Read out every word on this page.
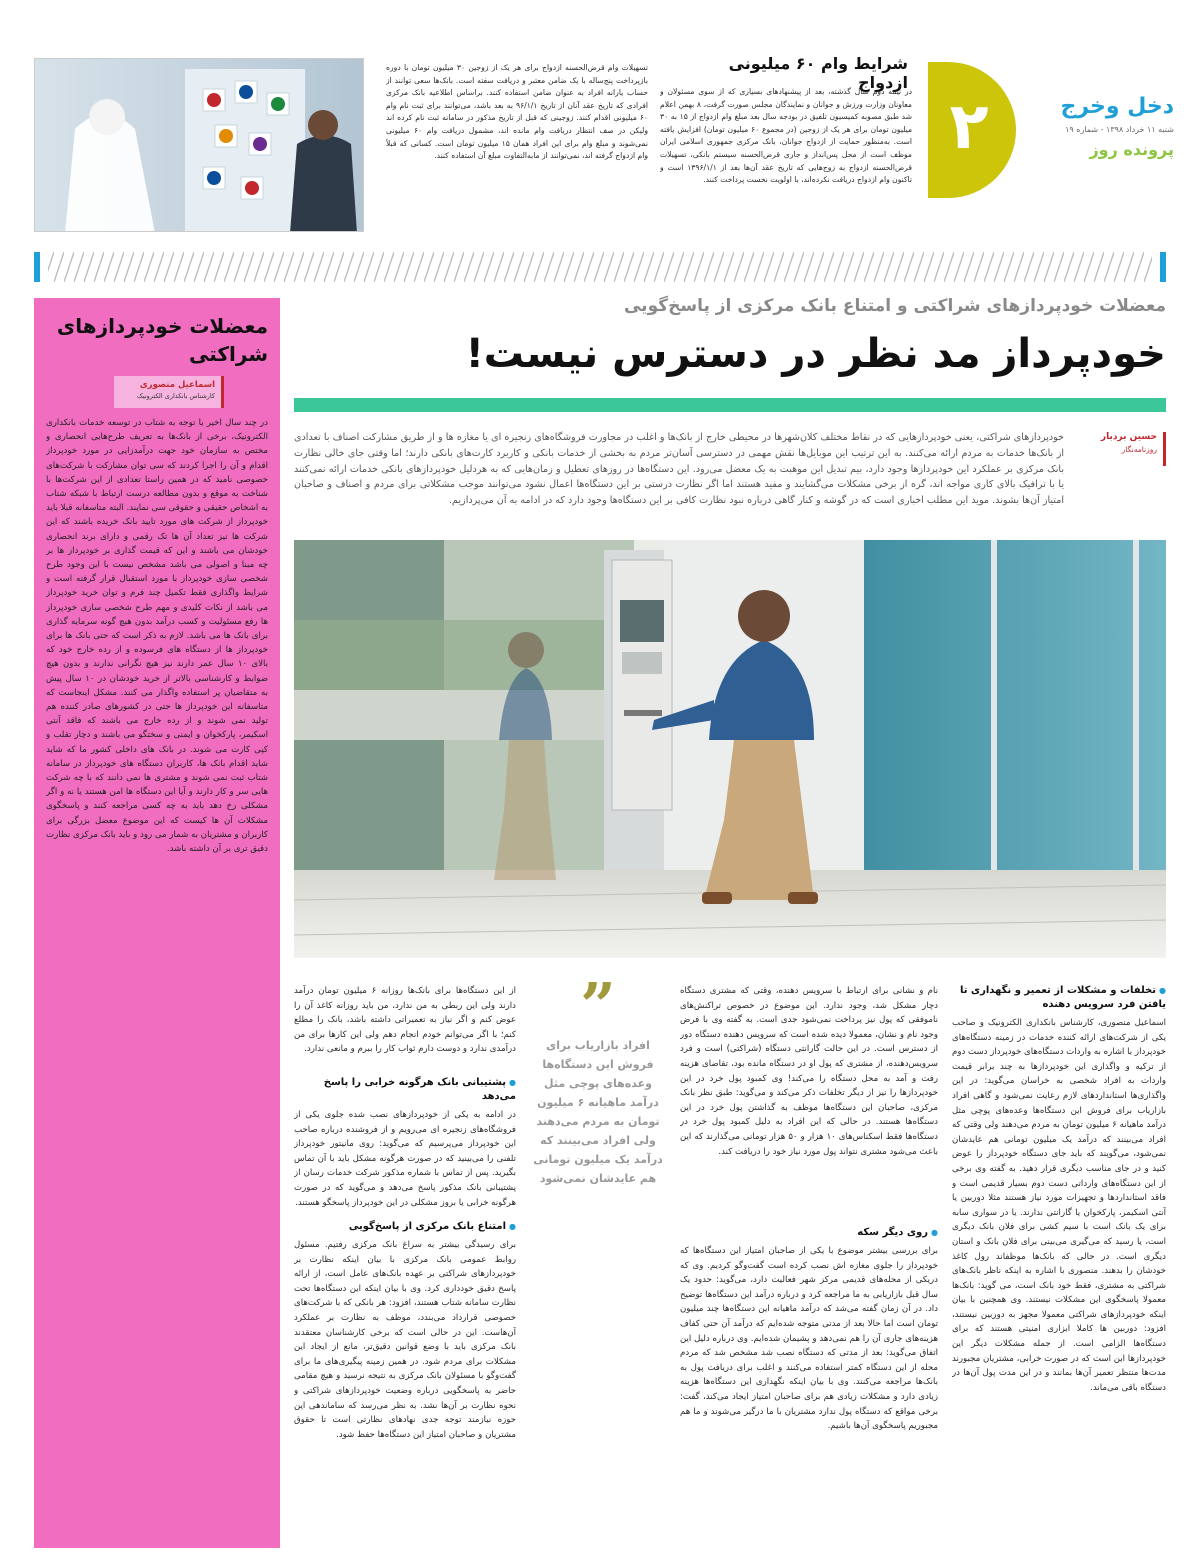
۲	دخل وخرج
شنبه ۱۱ خرداد ۱۳۹۸ - شماره ۱۹
پرونده روز
شرایط وام ۶۰ میلیونی ازدواج
در نیمه دوم سال گذشته، بعد از پیشنهادهای بسیاری که از سوی مسئولان و معاونان وزارت ورزش و جوانان و نمایندگان مجلس صورت گرفت، ۸ بهمن اعلام شد طبق مصوبه کمیسیون تلفیق در بودجه سال بعد مبلغ وام ازدواج از ۱۵ به ۳۰ میلیون تومان برای هر یک از زوجین (در مجموع ۶۰ میلیون تومان) افزایش یافته است. به‌منظور حمایت از ازدواج جوانان، بانک مرکزی جمهوری اسلامی ایران موظف است از محل پس‌انداز و جاری قرض‌الحسنه سیستم بانکی، تسهیلات قرض‌الحسنه ازدواج به زوج‌هایی که تاریخ عقد آن‌ها بعد از ۱۳۹۶/۱/۱ است و تاکنون وام ازدواج دریافت نکرده‌اند، با اولویت نخست پرداخت کنند.
تسهیلات وام قرض‌الحسنه ازدواج برای هر یک از زوجین ۳۰ میلیون تومان با دوره بازپرداخت پنج‌ساله با یک ضامن معتبر و دریافت سفته است. بانک‌ها سعی توانند از حساب یارانه افراد به عنوان ضامن استفاده کنند. براساس اطلاعیه بانک مرکزی افرادی که تاریخ عقد آنان از تاریخ ۹۶/۱/۱ به بعد باشد، می‌توانند برای ثبت نام وام ۶۰ میلیونی اقدام کنند. زوجینی که قبل از تاریخ مذکور در سامانه ثبت نام کرده اند ولیکن در صف انتظار دریافت وام مانده اند، مشمول دریافت وام ۶۰ میلیونی نمی‌شوند و مبلغ وام برای این افراد همان ۱۵ میلیون تومان است. کسانی که قبلاً وام ازدواج گرفته اند، نمی‌توانند از مابه‌التفاوت مبلغ آن استفاده کنند.
معضلات خودپردازهای شراکتی و امتناع بانک مرکزی از پاسخ‌گویی
خودپرداز مد نظر در دسترس نیست!
حسین بردبار
روزنامه‌نگار
خودپردازهای شراکتی، یعنی خودپردازهایی که در نقاط مختلف کلان‌شهرها در محیطی خارج از بانک‌ها و اغلب در مجاورت فروشگاه‌های زنجیره ای یا مغازه ها و از طریق مشارکت اصناف با تعدادی از بانک‌ها خدمات به مردم ارائه می‌کنند. به این ترتیب این موبایل‌ها نقش مهمی در دسترسی آسان‌تر مردم به بخشی از خدمات بانکی و کاربرد کارت‌های بانکی دارند؛ اما وقتی جای خالی نظارت بانک مرکزی بر عملکرد این خودپردازها وجود دارد، بیم تبدیل این موهبت به یک معضل می‌رود. این دستگاه‌ها در روزهای تعطیل و زمان‌هایی که به هردلیل خودپردازهای بانکی خدمات ارائه نمی‌کنند یا با ترافیک بالای کاری مواجه اند، گره از برخی مشکلات می‌گشایند و مفید هستند اما اگر نظارت درستی بر این دستگاه‌ها اعمال نشود می‌توانند موجب مشکلاتی برای مردم و اصناف و صاحبان امتیاز آن‌ها بشوند. موید این مطلب اخباری است که در گوشه و کنار گاهی درباره نبود نظارت کافی بر این دستگاه‌ها وجود دارد که در ادامه به آن می‌پردازیم.
معضلات خودپردازهای شراکتی
اسماعیل منصوری
کارشناس بانکداری الکترونیک
در چند سال اخیر با توجه به شتاب در توسعه خدمات بانکداری الکترونیک، برخی از بانک‌ها به تعریف طرح‌هایی انحصاری و مختص به سازمان خود جهت درآمدزایی در مورد خودپرداز اقدام و آن را اجرا کردند که سی توان مشارکت با شرکت‌های خصوصی نامید که در همین راستا تعدادی از این شرکت‌ها با شناخت به موقع و بدون مطالعه درست ارتباط با شبکه شتاب به اشخاص حقیقی و حقوقی سی نمایند. البته متاسفانه قبلا باید خودپرداز از شرکت های مورد تایید بانک خریده باشند که این شرکت ها نیز تعداد آن ها تک رقمی و دارای برند انحصاری خودشان می باشند و این که قیمت گذاری بر خودپرداز ها بر چه مبنا و اصولی می باشد مشخص نیست با این وجود طرح شخصی سازی خودپرداز با مورد استقبال قرار گرفته است و شرایط واگذاری فقط تکمیل چند فرم و توان خرید خودپرداز می باشد از نکات کلیدی و مهم طرح شخصی سازی خودپرداز ها رفع مسئولیت و کسب درآمد بدون هیچ گونه سرمایه گذاری برای بانک ها می باشد. لازم به ذکر است که حتی بانک ها برای خودپرداز ها از دستگاه های فرسوده و از رده خارج خود که بالای ۱۰ سال عمر دارند نیز هیچ نگرانی ندارند و بدون هیچ ضوابط و کارشناسی بالاتر از خرید خودشان در ۱۰ سال پیش به متقاضیان پر استفاده واگذار می کنند. مشکل اینجاست که متاسفانه این خودپرداز ها حتی در کشورهای صادر کننده هم تولید نمی شوند و از رده خارج می باشند که فاقد آنتی اسکیمر، پارکخوان و ایمنی و سختگو می باشند و دچار تقلب و کپی کارت می شوند. در بانک های داخلی کشور ما که شاید شاید اقدام بانک ها، کاربران دستگاه های خودپرداز در سامانه شتاب ثبت نمی شوند و مشتری ها نمی دانند که با چه شرکت هایی سر و کار دارند و آیا این دستگاه ها امن هستند یا نه و اگر مشکلی رخ دهد باید به چه کسی مراجعه کنند و پاسخگوی مشکلات آن ها کیست که این موضوع معضل بزرگی برای کاربران و مشتریان به شمار می رود و باید بانک مرکزی نظارت دقیق تری بر آن داشته باشد.
● تخلفات و مشکلات از تعمیر و نگهداری تا یافتن فرد سرویس دهنده
اسماعیل منصوری، کارشناس بانکداری الکترونیک و صاحب یکی از شرکت‌های ارائه کننده خدمات در زمینه دستگاه‌های خودپرداز با اشاره به واردات دستگاه‌های خودپرداز دست دوم از ترکیه و واگذاری این خودپردازها به چند برابر قیمت واردات به افراد شخصی به خراسان می‌گوید: در این واگذاری‌ها استانداردهای لازم رعایت نمی‌شود و گاهی افراد بازاریاب برای فروش این دستگاه‌ها وعده‌های پوچی مثل درآمد ماهیانه ۶ میلیون تومان به مردم می‌دهند ولی وقتی که افراد می‌بینند که درآمد یک میلیون تومانی هم عایدشان نمی‌شود، می‌گویند که باید جای دستگاه خودپرداز را عوض کنید و در جای مناسب دیگری قرار دهید. به گفته وی برخی از این دستگاه‌های وارداتی دست دوم بسیار قدیمی است و فاقد استانداردها و تجهیزات مورد نیاز هستند مثلا دوربین یا آنتی اسکیمر، پارکخوان یا گارانتی ندارند. یا در سواری سابه برای یک بانک است با سیم کشی برای فلان بانک دیگری است، یا رسید که می‌گیری می‌بینی برای فلان بانک و استان دیگری است. در حالی که بانک‌ها موظفاند رول کاغذ خودشان را بدهند. منصوری با اشاره به اینکه ناظر بانک‌های شراکتی به مشتری، فقط خود بانک است، می گوید: بانک‌ها معمولا پاسخگوی این مشکلات نیستند. وی همچنین با بیان اینکه خودپردازهای شراکتی معمولا مجهز به دوربین نیستند، افزود: دوربین ها کاملا ابزاری امنیتی هستند که برای دستگاه‌ها الزامی است. از جمله مشکلات دیگر این خودپردازها این است که در صورت خرابی، مشتریان مجبورند مدت‌ها منتظر تعمیر آن‌ها بمانند و در این مدت پول آن‌ها در دستگاه باقی می‌ماند.
نام و نشانی برای ارتباط با سرویس دهنده، وقتی که مشتری دستگاه دچار مشکل شد، وجود ندارد. این موضوع در خصوص تراکنش‌های ناموفقی که پول نیز پرداخت نمی‌شود جدی است. به گفته وی با فرض وجود نام و نشان، معمولا دیده شده است که سرویس دهنده دستگاه دور از دسترس است. در این حالت گارانتی دستگاه (شراکتی) است و فرد سرویس‌دهنده، از مشتری که پول او در دستگاه مانده بود، تقاضای هزینه رفت و آمد به محل دستگاه را می‌کند! وی کمبود پول خرد در این خودپرداز‌ها را نیز از دیگر تخلفات ذکر می‌کند و می‌گوید: طبق نظر بانک مرکزی، صاحبان این دستگاه‌ها موظف به گذاشتن پول خرد در این دستگاه‌ها هستند. در حالی که این افراد به دلیل کمبود پول خرد در دستگاه‌ها فقط اسکناس‌های ۱۰ هزار و ۵۰ هزار تومانی می‌گذارند که این باعث می‌شود مشتری نتواند پول مورد نیاز خود را دریافت کند.
● روی دیگر سکه
برای بررسی بیشتر موضوع با یکی از صاحبان امتیاز این دستگاه‌ها که خودپرداز را جلوی مغازه اش نصب کرده است گفت‌وگو کردیم. وی که دریکی از محله‌های قدیمی مرکز شهر فعالیت دارد، می‌گوید: حدود یک سال قبل بازاریابی به ما مراجعه کرد و درباره درآمد این دستگاه‌ها توضیح داد. در آن زمان گفته می‌شد که درآمد ماهیانه این دستگاه‌ها چند میلیون تومان است اما حالا بعد از مدتی متوجه شده‌ایم که درآمد آن حتی کفاف هزینه‌های جاری آن را هم نمی‌دهد و پشیمان شده‌ایم. وی درباره دلیل این اتفاق می‌گوید: بعد از مدتی که دستگاه نصب شد مشخص شد که مردم محله از این دستگاه کمتر استفاده می‌کنند و اغلب برای دریافت پول به بانک‌ها مراجعه می‌کنند. وی با بیان اینکه نگهداری این دستگاه‌ها هزینه زیادی دارد و مشکلات زیادی هم برای صاحبان امتیاز ایجاد می‌کند، گفت: برخی مواقع که دستگاه پول ندارد مشتریان با ما درگیر می‌شوند و ما هم مجبوریم پاسخگوی آن‌ها باشیم.
”
افراد بازاریاب برای فروش این دستگاه‌ها وعده‌های پوچی مثل درآمد ماهیانه ۶ میلیون تومان به مردم می‌دهند ولی افراد می‌بینند که درآمد یک میلیون تومانی هم عایدشان نمی‌شود
از این دستگاه‌ها برای بانک‌ها روزانه ۶ میلیون تومان درآمد دارند ولی این ربطی به من ندارد، من باید روزانه کاغذ آن را عوض کنم و اگر نیاز به تعمیراتی داشته باشد، بانک را مطلع کنم؛ با اگر می‌توانم خودم انجام دهم ولی این کارها برای من درآمدی ندارد و دوست دارم ثواب کار را ببرم و مانعی ندارد.
● پشتیبانی بانک هرگونه خرابی را پاسخ می‌دهد
در ادامه به یکی از خودپردازهای نصب شده جلوی یکی از فروشگاه‌های زنجیره ای می‌رویم و از فروشنده درباره صاحب این خودپرداز می‌پرسیم که می‌گوید: روی مانیتور خودپرداز تلفنی را می‌بینید که در صورت هرگونه مشکل باید با آن تماس بگیرید. پس از تماس با شماره مذکور شرکت خدمات رسان از پشتیبانی بانک مذکور پاسخ می‌دهد و می‌گوید که در صورت هرگونه خرابی یا بروز مشکلی در این خودپرداز پاسخگو هستند.
● امتناع بانک مرکزی از پاسخ‌گویی
برای رسیدگی بیشتر به سراغ بانک مرکزی رفتیم. مسئول روابط عمومی بانک مرکزی با بیان اینکه نظارت بر خودپردازهای شراکتی بر عهده بانک‌های عامل است، از ارائه پاسخ دقیق خودداری کرد. وی با بیان اینکه این دستگاه‌ها تحت نظارت سامانه شتاب هستند، افزود: هر بانکی که با شرکت‌های خصوصی قرارداد می‌بندد، موظف به نظارت بر عملکرد آن‌هاست. این در حالی است که برخی کارشناسان معتقدند بانک مرکزی باید با وضع قوانین دقیق‌تر، مانع از ایجاد این مشکلات برای مردم شود. در همین زمینه پیگیری‌های ما برای گفت‌وگو با مسئولان بانک مرکزی به نتیجه نرسید و هیچ مقامی حاضر به پاسخگویی درباره وضعیت خودپردازهای شراکتی و نحوه نظارت بر آن‌ها نشد. به نظر می‌رسد که ساماندهی این حوزه نیازمند توجه جدی نهادهای نظارتی است تا حقوق مشتریان و صاحبان امتیاز این دستگاه‌ها حفظ شود.
